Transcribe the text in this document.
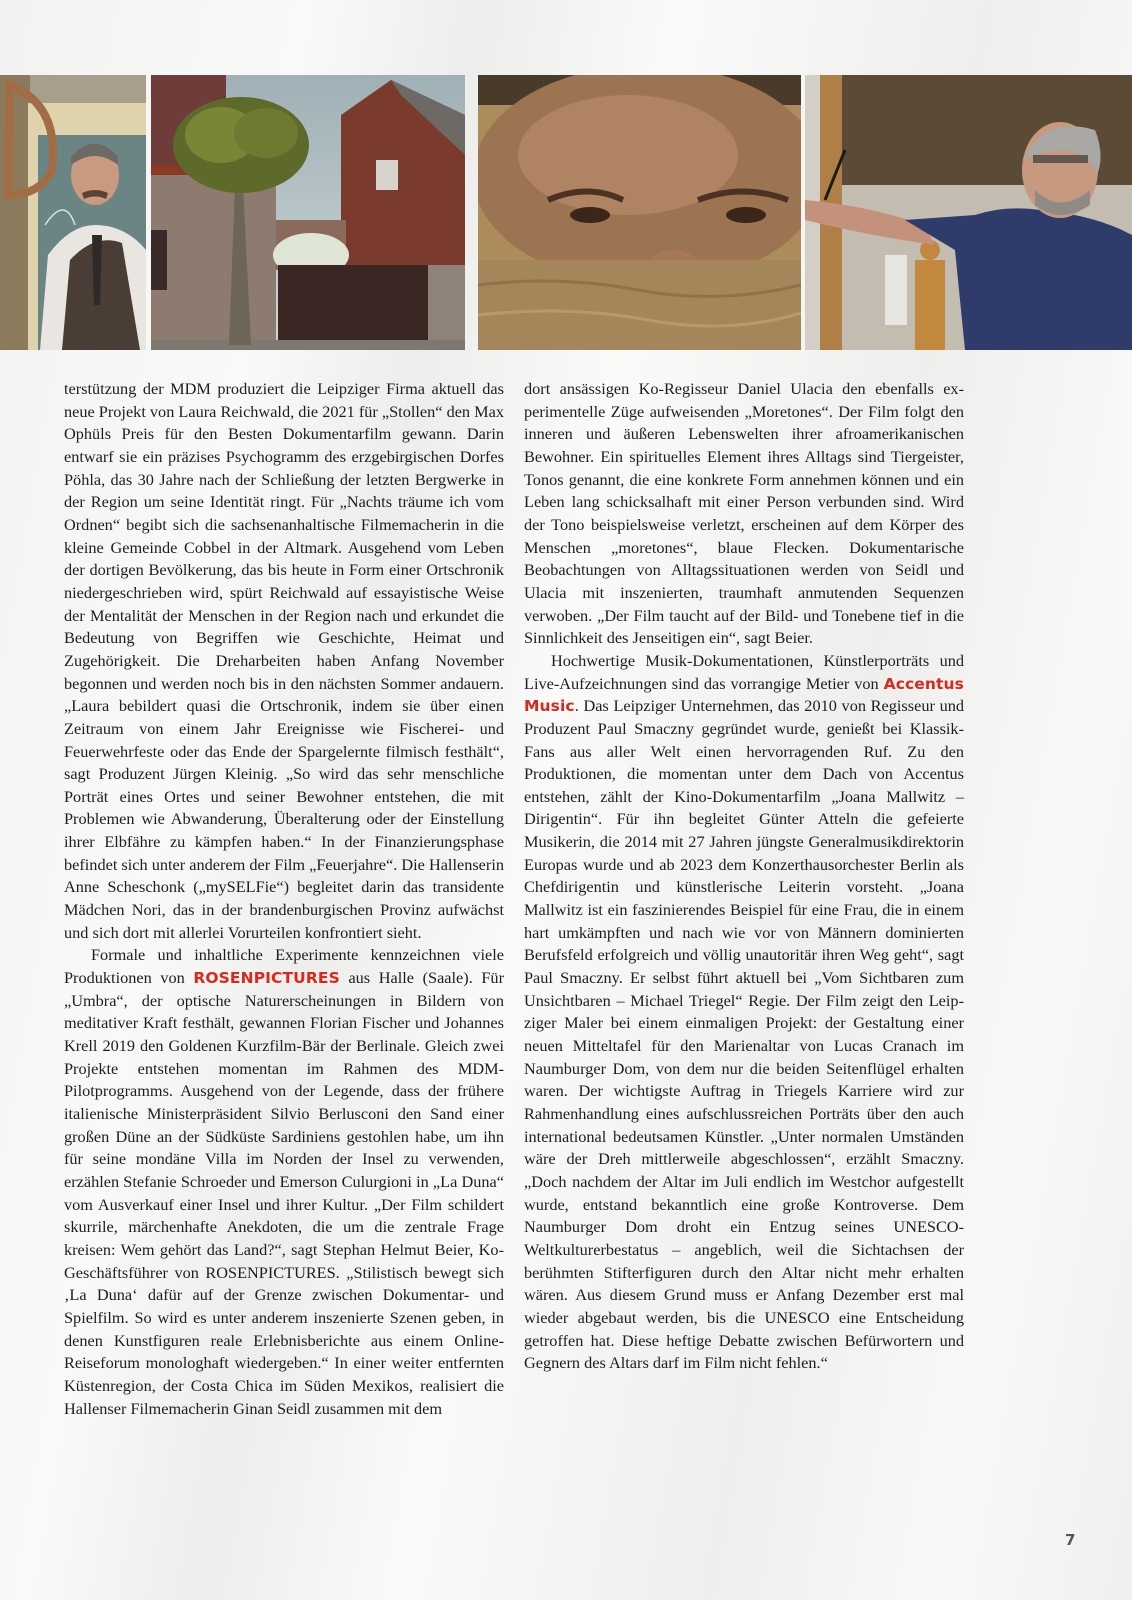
terstützung der MDM produziert die Leipziger Firma aktuell das neue Projekt von Laura Reichwald, die 2021 für „Stollen“ den Max Ophüls Preis für den Besten Dokumentarfilm gewann. Darin entwarf sie ein präzises Psychogramm des erzgebirgischen Dorfes Pöhla, das 30 Jahre nach der Schließung der letzten Bergwerke in der Region um seine Identität ringt. Für „Nachts träume ich vom Ordnen“ begibt sich die sachsenanhaltische Filmemacherin in die kleine Gemeinde Cobbel in der Altmark. Ausgehend vom Leben der dortigen Bevölkerung, das bis heute in Form einer Ortschronik niedergeschrieben wird, spürt Reichwald auf essayistische Weise der Mentalität der Menschen in der Region nach und erkundet die Bedeutung von Begriffen wie Geschichte, Heimat und Zugehörigkeit. Die Dreharbeiten haben Anfang November begonnen und werden noch bis in den nächsten Sommer andauern. „Laura bebildert quasi die Ortschronik, indem sie über einen Zeitraum von einem Jahr Ereignisse wie Fischerei- und Feuerwehrfeste oder das Ende der Spargelernte filmisch festhält“, sagt Produzent Jürgen Kleinig. „So wird das sehr menschliche Porträt eines Ortes und seiner Bewohner entstehen, die mit Problemen wie Abwanderung, Überalterung oder der Einstellung ihrer Elbfähre zu kämpfen haben.“ In der Finanzierungsphase befindet sich unter anderem der Film „Feuerjahre“. Die Hallenserin Anne Scheschonk („mySELFie“) begleitet darin das transidente Mädchen Nori, das in der brandenburgischen Provinz aufwächst und sich dort mit allerlei Vorurteilen konfrontiert sieht.

Formale und inhaltliche Experimente kennzeichnen viele Produktionen von ROSENPICTURES aus Halle (Saale). Für „Umbra“, der optische Naturerscheinungen in Bildern von meditativer Kraft festhält, gewannen Florian Fischer und Johannes Krell 2019 den Goldenen Kurzfilm-Bär der Berlinale. Gleich zwei Projekte entstehen momentan im Rahmen des MDM-Pilotprogramms. Ausgehend von der Legende, dass der frühere italienische Ministerpräsident Silvio Berlusconi den Sand einer großen Düne an der Südküste Sardiniens gestohlen habe, um ihn für seine mondäne Villa im Norden der Insel zu verwenden, erzählen Stefanie Schroeder und Emerson Culurgioni in „La Duna“ vom Ausverkauf einer Insel und ihrer Kultur. „Der Film schildert skurrile, märchenhafte Anekdoten, die um die zentrale Frage kreisen: Wem gehört das Land?“, sagt Stephan Helmut Beier, Ko-Geschäftsführer von ROSENPICTURES. „Stilistisch bewegt sich ‚La Duna‘ dafür auf der Grenze zwischen Dokumentar- und Spielfilm. So wird es unter anderem inszenierte Szenen geben, in denen Kunstfiguren reale Erlebnisberichte aus einem Online-Reiseforum monologhaft wiedergeben.“ In einer weiter entfernten Küstenregion, der Costa Chica im Süden Mexikos, realisiert die Hallenser Filmemacherin Ginan Seidl zusammen mit dem

dort ansässigen Ko-Regisseur Daniel Ulacia den ebenfalls experimentelle Züge aufweisenden „Moretones“. Der Film folgt den inneren und äußeren Lebenswelten ihrer afroamerikanischen Bewohner. Ein spirituelles Element ihres Alltags sind Tiergeister, Tonos genannt, die eine konkrete Form annehmen können und ein Leben lang schicksalhaft mit einer Person verbunden sind. Wird der Tono beispielsweise verletzt, erscheinen auf dem Körper des Menschen „moretones“, blaue Flecken. Dokumentarische Beobachtungen von Alltagssituationen werden von Seidl und Ulacia mit inszenierten, traumhaft anmutenden Sequenzen verwoben. „Der Film taucht auf der Bild- und Tonebene tief in die Sinnlichkeit des Jenseitigen ein“, sagt Beier.

Hochwertige Musik-Dokumentationen, Künstlerporträts und Live-Aufzeichnungen sind das vorrangige Metier von Accentus Music. Das Leipziger Unternehmen, das 2010 von Regisseur und Produzent Paul Smaczny gegründet wurde, genießt bei Klassik-Fans aus aller Welt einen hervorragenden Ruf. Zu den Produktionen, die momentan unter dem Dach von Accentus entstehen, zählt der Kino-Dokumentarfilm „Joana Mallwitz – Dirigentin“. Für ihn begleitet Günter Atteln die gefeierte Musikerin, die 2014 mit 27 Jahren jüngste Generalmusikdirektorin Europas wurde und ab 2023 dem Konzerthausorchester Berlin als Chefdirigentin und künstlerische Leiterin vorsteht. „Joana Mallwitz ist ein faszinierendes Beispiel für eine Frau, die in einem hart umkämpften und nach wie vor von Männern dominierten Berufsfeld erfolgreich und völlig unautoritär ihren Weg geht“, sagt Paul Smaczny. Er selbst führt aktuell bei „Vom Sichtbaren zum Unsichtbaren – Michael Triegel“ Regie. Der Film zeigt den Leipziger Maler bei einem einmaligen Projekt: der Gestaltung einer neuen Mitteltafel für den Marienaltar von Lucas Cranach im Naumburger Dom, von dem nur die beiden Seitenflügel erhalten waren. Der wichtigste Auftrag in Triegels Karriere wird zur Rahmenhandlung eines aufschlussreichen Porträts über den auch international bedeutsamen Künstler. „Unter normalen Umständen wäre der Dreh mittlerweile abgeschlossen“, erzählt Smaczny. „Doch nachdem der Altar im Juli endlich im Westchor aufgestellt wurde, entstand bekanntlich eine große Kontroverse. Dem Naumburger Dom droht ein Entzug seines UNESCO-Weltkulturerbestatus – angeblich, weil die Sichtachsen der berühmten Stifterfiguren durch den Altar nicht mehr erhalten wären. Aus diesem Grund muss er Anfang Dezember erst mal wieder abgebaut werden, bis die UNESCO eine Entscheidung getroffen hat. Diese heftige Debatte zwischen Befürwortern und Gegnern des Altars darf im Film nicht fehlen.“

7
